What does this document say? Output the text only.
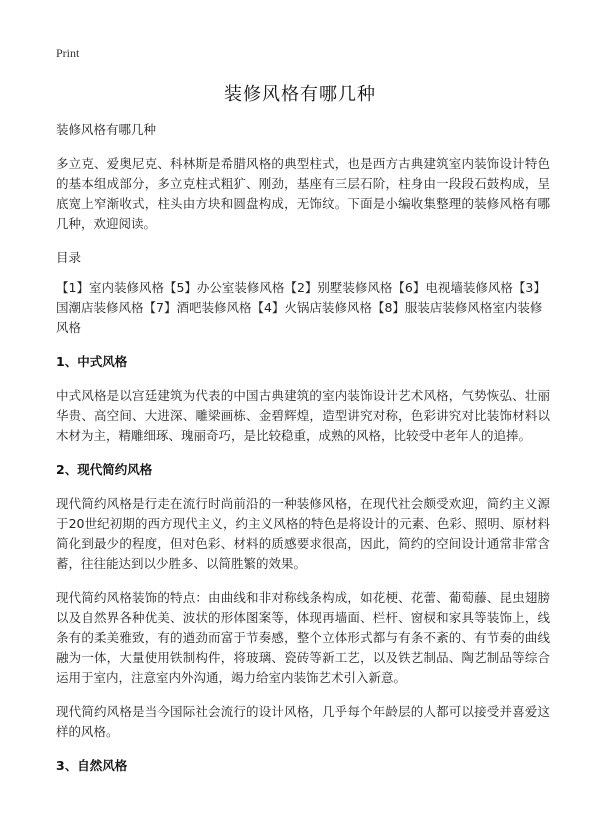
Print
装修风格有哪几种

装修风格有哪几种

多立克、爱奥尼克、科林斯是希腊风格的典型柱式，也是西方古典建筑室内装饰设计特色的基本组成部分，多立克柱式粗犷、刚劲，基座有三层石阶，柱身由一段段石鼓构成，呈底宽上窄渐收式，柱头由方块和圆盘构成，无饰纹。下面是小编收集整理的装修风格有哪几种，欢迎阅读。

目录

【1】室内装修风格【5】办公室装修风格【2】别墅装修风格【6】电视墙装修风格【3】国潮店装修风格【7】酒吧装修风格【4】火锅店装修风格【8】服装店装修风格室内装修风格

1、中式风格

中式风格是以宫廷建筑为代表的中国古典建筑的室内装饰设计艺术风格，气势恢弘、壮丽华贵、高空间、大进深、雕梁画栋、金碧辉煌，造型讲究对称，色彩讲究对比装饰材料以木材为主，精雕细琢、瑰丽奇巧，是比较稳重，成熟的风格，比较受中老年人的追捧。

2、现代简约风格

现代简约风格是行走在流行时尚前沿的一种装修风格，在现代社会颇受欢迎，简约主义源于20世纪初期的西方现代主义，约主义风格的特色是将设计的元素、色彩、照明、原材料简化到最少的程度，但对色彩、材料的质感要求很高，因此，简约的空间设计通常非常含蓄，往往能达到以少胜多、以简胜繁的效果。

现代简约风格装饰的特点：由曲线和非对称线条构成，如花梗、花蕾、葡萄藤、昆虫翅膀以及自然界各种优美、波状的形体图案等，体现再墙面、栏杆、窗棂和家具等装饰上，线条有的柔美雅致，有的遒劲而富于节奏感，整个立体形式都与有条不紊的、有节奏的曲线融为一体，大量使用铁制构件，将玻璃、瓷砖等新工艺，以及铁艺制品、陶艺制品等综合运用于室内，注意室内外沟通，竭力给室内装饰艺术引入新意。

现代简约风格是当今国际社会流行的设计风格，几乎每个年龄层的人都可以接受并喜爱这样的风格。

3、自然风格
